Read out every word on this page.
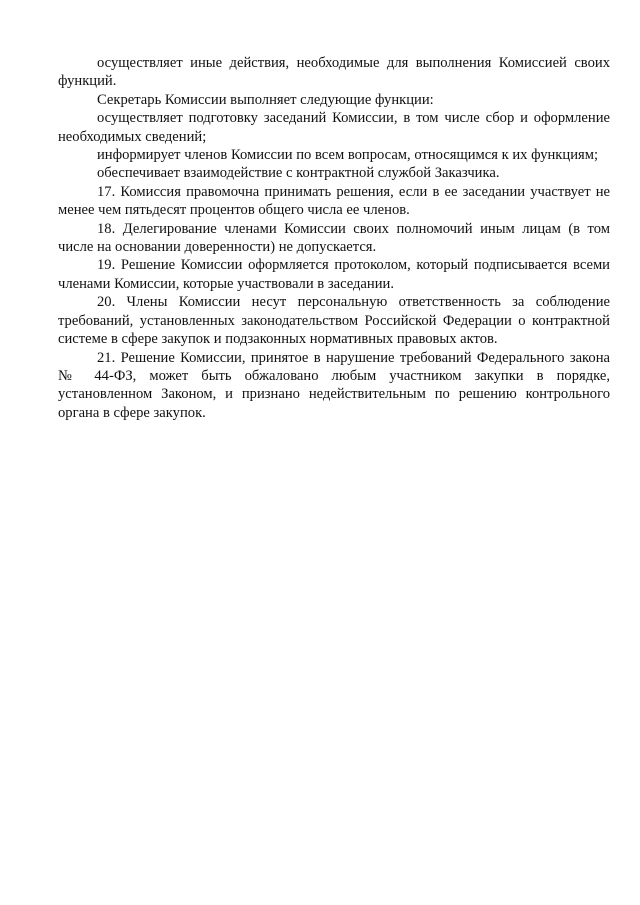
осуществляет иные действия, необходимые для выполнения Комиссией своих функций.

Секретарь Комиссии выполняет следующие функции:

осуществляет подготовку заседаний Комиссии, в том числе сбор и оформление необходимых сведений;

информирует членов Комиссии по всем вопросам, относящимся к их функциям;

обеспечивает взаимодействие с контрактной службой Заказчика.

17. Комиссия правомочна принимать решения, если в ее заседании участвует не менее чем пятьдесят процентов общего числа ее членов.

18. Делегирование членами Комиссии своих полномочий иным лицам (в том числе на основании доверенности) не допускается.

19. Решение Комиссии оформляется протоколом, который подписывается всеми членами Комиссии, которые участвовали в заседании.

20. Члены Комиссии несут персональную ответственность за соблюдение требований, установленных законодательством Российской Федерации о контрактной системе в сфере закупок и подзаконных нормативных правовых актов.

21. Решение Комиссии, принятое в нарушение требований Федерального закона № 44-ФЗ, может быть обжаловано любым участником закупки в порядке, установленном Законом, и признано недействительным по решению контрольного органа в сфере закупок.
